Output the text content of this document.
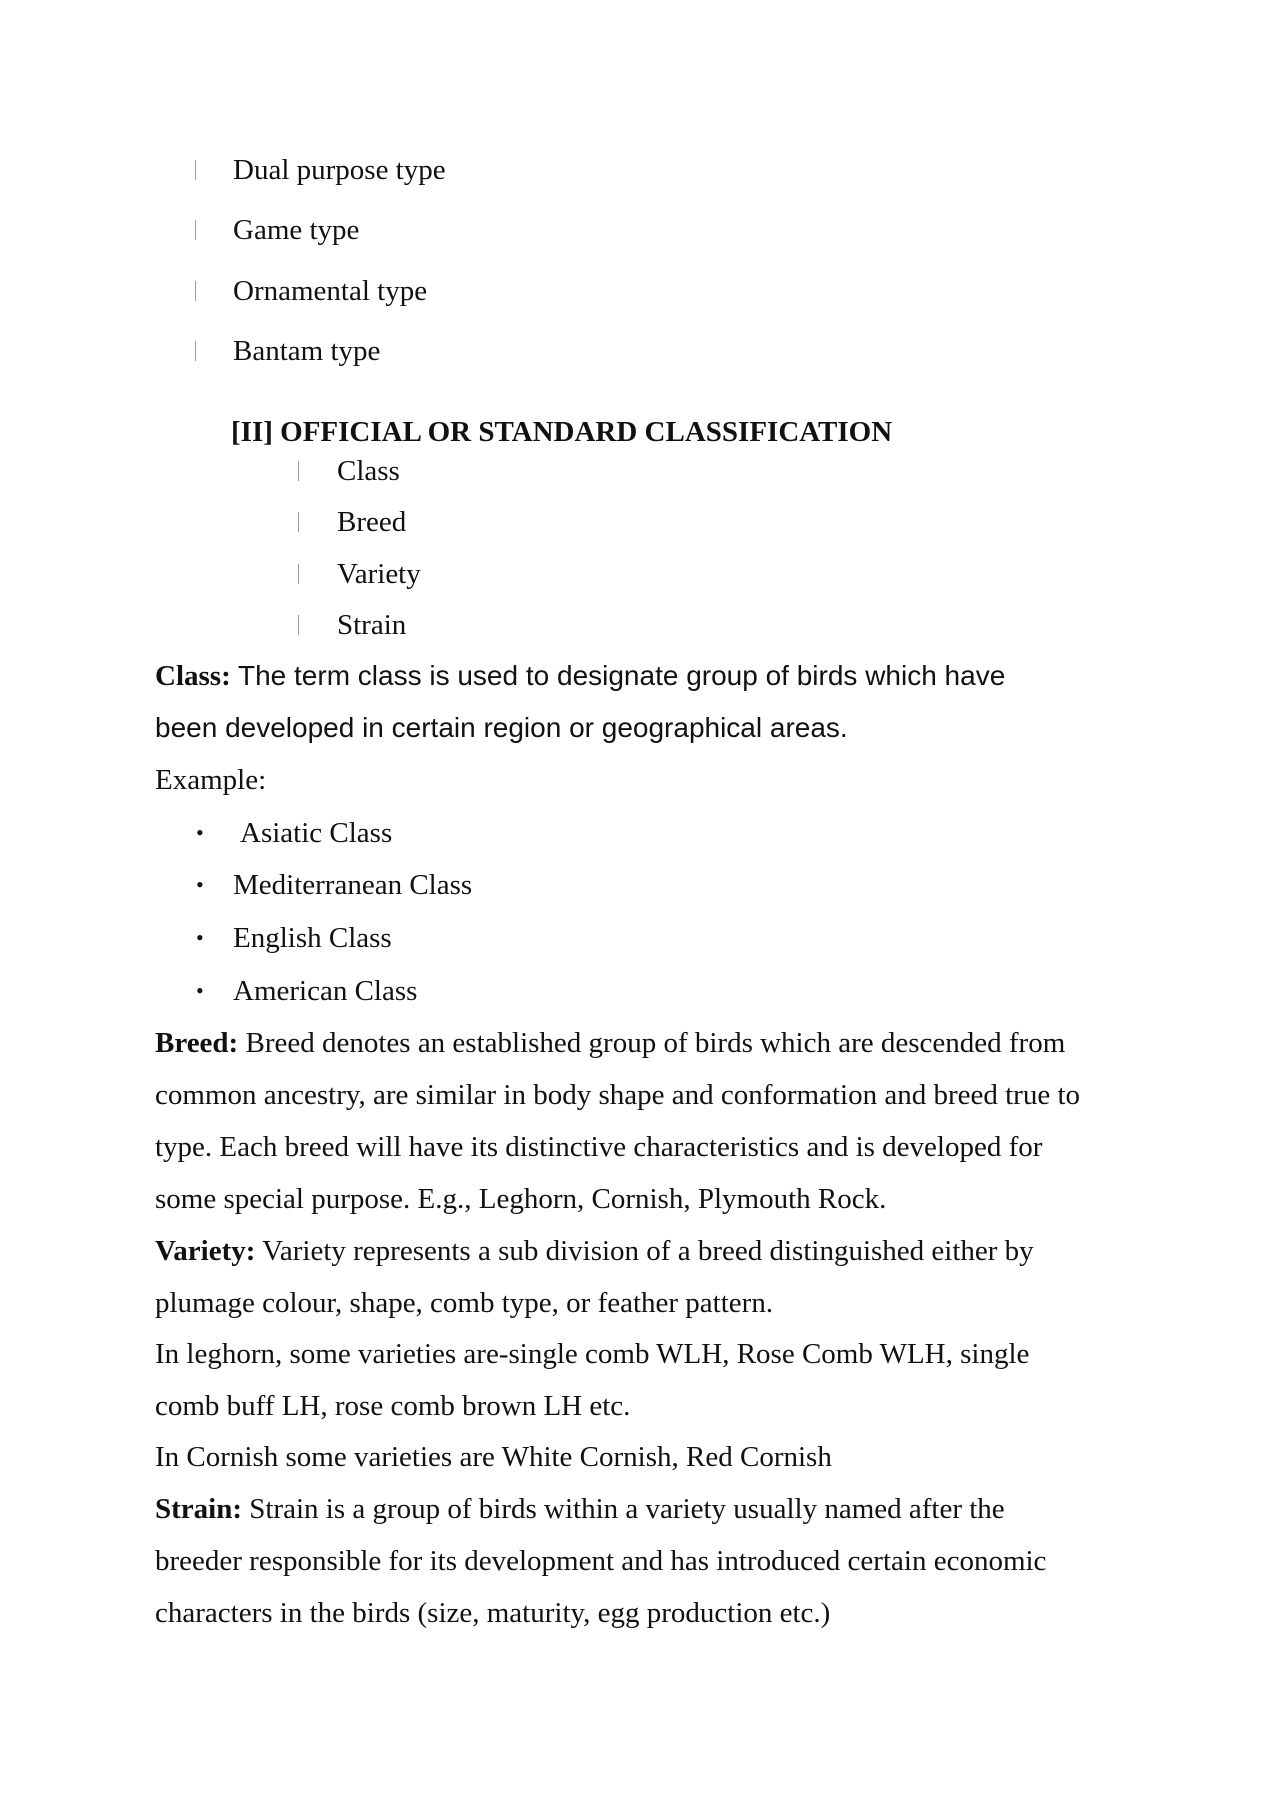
Dual purpose type
Game type
Ornamental type
Bantam type
[II] OFFICIAL OR STANDARD CLASSIFICATION
Class
Breed
Variety
Strain
Class: The term class is used to designate group of birds which have
been developed in certain region or geographical areas.
Example:
• Asiatic Class
• Mediterranean Class
• English Class
• American Class
Breed: Breed denotes an established group of birds which are descended from
common ancestry, are similar in body shape and conformation and breed true to
type. Each breed will have its distinctive characteristics and is developed for
some special purpose. E.g., Leghorn, Cornish, Plymouth Rock.
Variety: Variety represents a sub division of a breed distinguished either by
plumage colour, shape, comb type, or feather pattern.
In leghorn, some varieties are-single comb WLH, Rose Comb WLH, single
comb buff LH, rose comb brown LH etc.
In Cornish some varieties are White Cornish, Red Cornish
Strain: Strain is a group of birds within a variety usually named after the
breeder responsible for its development and has introduced certain economic
characters in the birds (size, maturity, egg production etc.)
